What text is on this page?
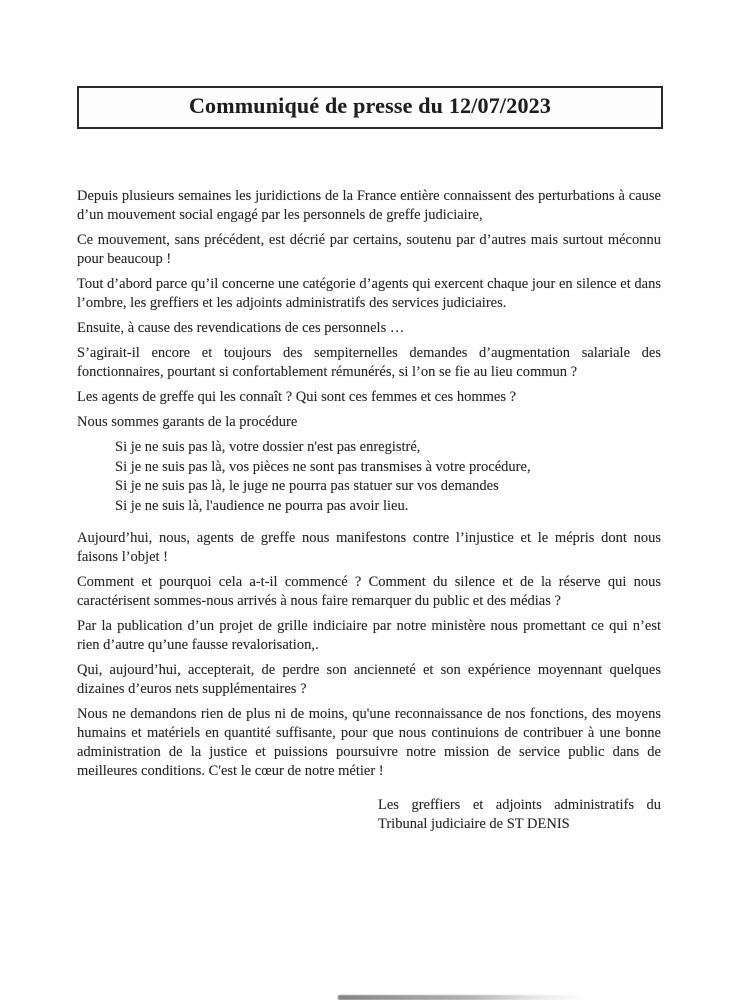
Communiqué de presse du 12/07/2023

Depuis plusieurs semaines les juridictions de la France entière connaissent des perturbations à cause d’un mouvement social engagé par les personnels de greffe judiciaire,

Ce mouvement, sans précédent, est décrié par certains, soutenu par d’autres mais surtout méconnu pour beaucoup !

Tout d’abord parce qu’il concerne une catégorie d’agents qui exercent chaque jour en silence et dans l’ombre, les greffiers et les adjoints administratifs des services judiciaires.

Ensuite, à cause des revendications de ces personnels …

S’agirait-il encore et toujours des sempiternelles demandes d’augmentation salariale des fonctionnaires, pourtant si confortablement rémunérés, si l’on se fie au lieu commun ?

Les agents de greffe qui les connaît ? Qui sont ces femmes et ces hommes ?

Nous sommes garants de la procédure

Si je ne suis pas là, votre dossier n'est pas enregistré,

Si je ne suis pas là, vos pièces ne sont pas transmises à votre procédure,

Si je ne suis pas là, le juge ne pourra pas statuer sur vos demandes

Si je ne suis là, l'audience ne pourra pas avoir lieu.

Aujourd’hui, nous, agents de greffe nous manifestons contre l’injustice et le mépris dont nous faisons l’objet !

Comment et pourquoi cela a-t-il commencé ? Comment du silence et de la réserve qui nous caractérisent sommes-nous arrivés à nous faire remarquer du public et des médias ?

Par la publication d’un projet de grille indiciaire par notre ministère nous promettant ce qui n’est rien d’autre qu’une fausse revalorisation,.

Qui, aujourd’hui, accepterait, de perdre son ancienneté et son expérience moyennant quelques dizaines d’euros nets supplémentaires ?

Nous ne demandons rien de plus ni de moins, qu'une reconnaissance de nos fonctions, des moyens humains et matériels en quantité suffisante, pour que nous continuions de contribuer à une bonne administration de la justice et puissions poursuivre notre mission de service public dans de meilleures conditions. C'est le cœur de notre métier !

Les greffiers et adjoints administratifs du

Tribunal judiciaire de ST DENIS
